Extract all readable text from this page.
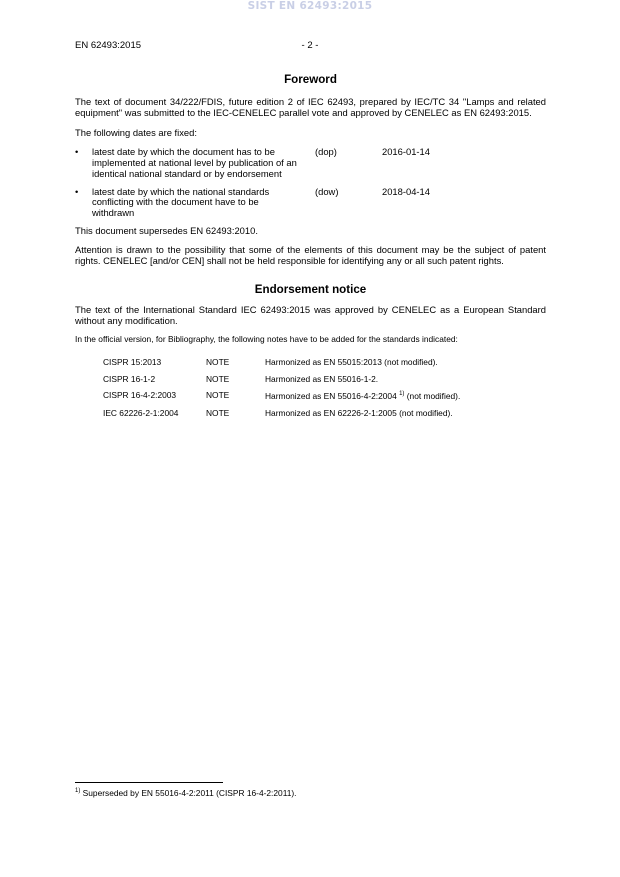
SIST EN 62493:2015
EN 62493:2015	- 2 -
Foreword

The text of document 34/222/FDIS, future edition 2 of IEC 62493, prepared by IEC/TC 34 "Lamps and related equipment" was submitted to the IEC-CENELEC parallel vote and approved by CENELEC as EN 62493:2015.

The following dates are fixed:

• latest date by which the document has to be implemented at national level by publication of an identical national standard or by endorsement
(dop)	2016-01-14
• latest date by which the national standards conflicting with the document have to be withdrawn
(dow)	2018-04-14

This document supersedes EN 62493:2010.

Attention is drawn to the possibility that some of the elements of this document may be the subject of patent rights. CENELEC [and/or CEN] shall not be held responsible for identifying any or all such patent rights.

Endorsement notice

The text of the International Standard IEC 62493:2015 was approved by CENELEC as a European Standard without any modification.

In the official version, for Bibliography, the following notes have to be added for the standards indicated:

CISPR 15:2013	NOTE	Harmonized as EN 55015:2013 (not modified).
CISPR 16-1-2	NOTE	Harmonized as EN 55016-1-2.
CISPR 16-4-2:2003	NOTE	Harmonized as EN 55016-4-2:2004 $^{1)}$ (not modified).
IEC 62226-2-1:2004	NOTE	Harmonized as EN 62226-2-1:2005 (not modified).
$^{1)}$ Superseded by EN 55016-4-2:2011 (CISPR 16-4-2:2011).
